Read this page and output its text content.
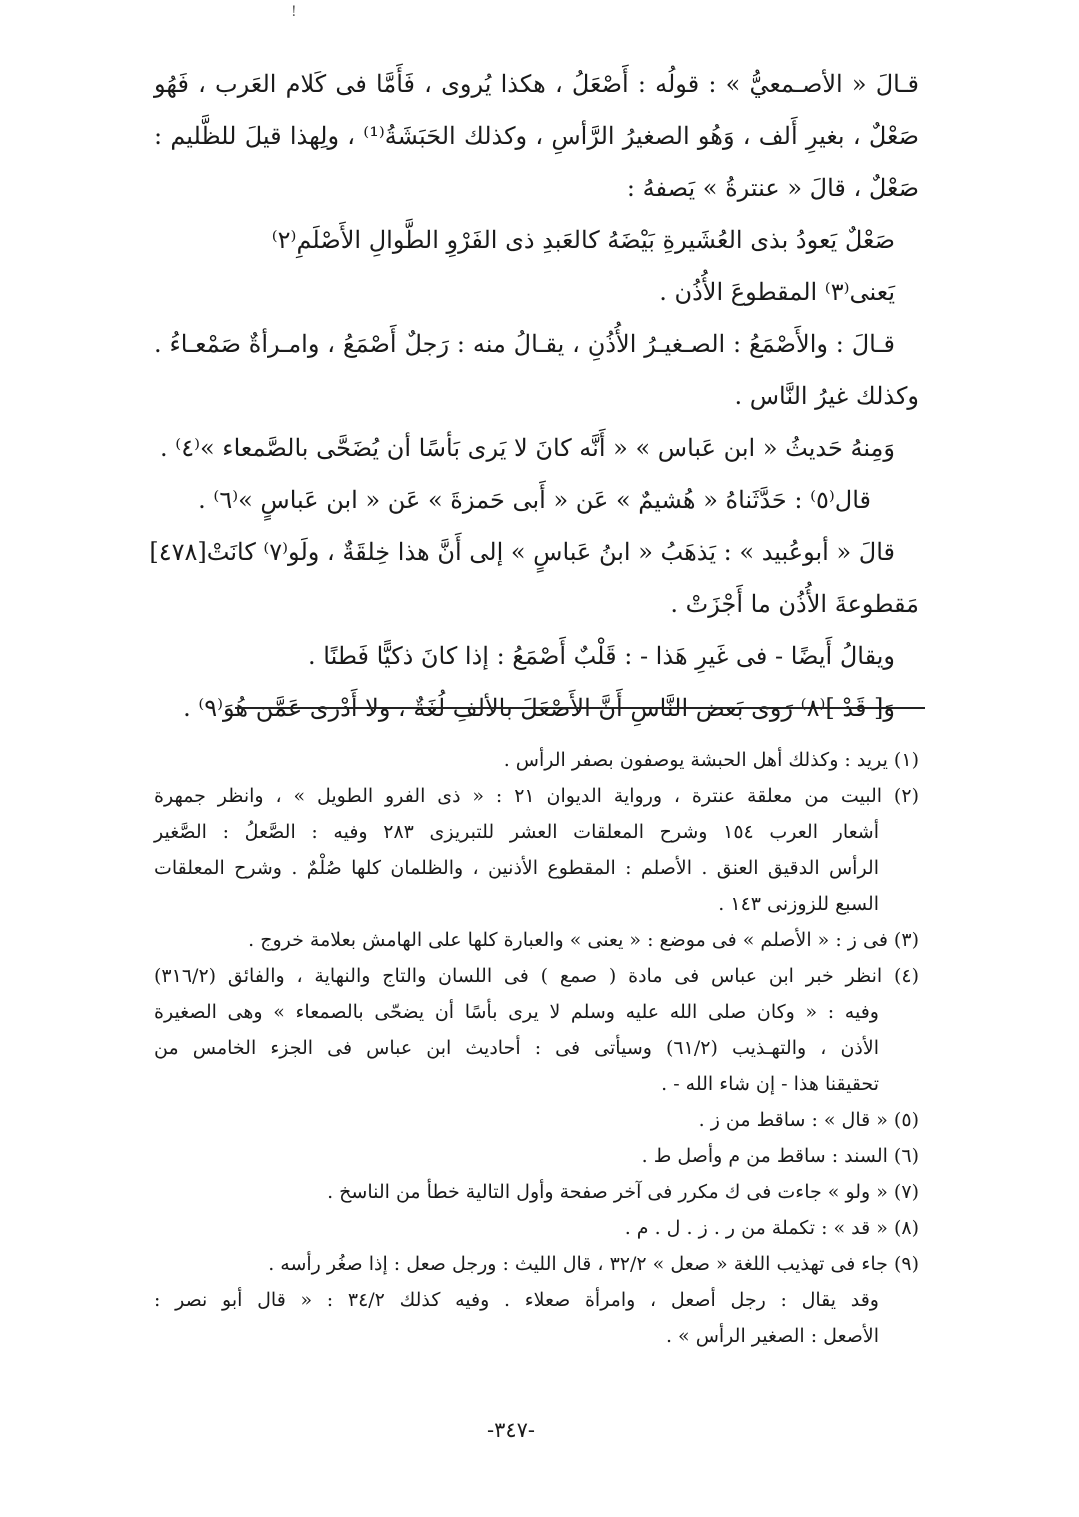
!
قـالَ « الأصـمعيُّ » : قولُه : أَصْعَلُ ، هكذا يُروى ، فَأَمَّا فى كَلام العَرب ، فَهُو
صَعْلٌ ، بغيرِ أَلف ، وَهُو الصغيرُ الرَّأسِ ، وكذلك الحَبَشَةُ⁽¹⁾ ، ولِهذا قيلَ للظَّليم :
صَعْلٌ ، قالَ « عنترةُ » يَصفهُ :
صَعْلٌ يَعودُ بذى العُشَيرةِ بَيْضَهُ كالعَبدِ ذى الفَرْوِ الطَّوالِ الأَصْلَمِ⁽٢⁾
يَعنى⁽٣⁾ المقطوعَ الأُذُن .
قـالَ : والأَصْمَعُ : الصـغيـرُ الأُذُنِ ، يقـالُ منه : رَجلٌ أَصْمَعُ ، وامـرأةٌ صَمْعـاءُ .
وكذلك غيرُ النَّاس .
وَمِنهُ حَديثُ « ابن عَباس » « أَنَّه كانَ لا يَرى بَأسًا أن يُضَحَّى بالصَّمعاء »⁽٤⁾ .
قال⁽٥⁾ : حَدَّثَناهُ « هُشيمٌ » عَن « أَبى حَمزةَ » عَن « ابن عَباسٍ »⁽٦⁾ .
قالَ « أبوعُبيد » : يَذهَبُ « ابنُ عَباسٍ » إلى أَنَّ هذا خِلقَةٌ ، ولَو⁽٧⁾ كانَتْ[٤٧٨]
مَقطوعةَ الأُذُن ما أَجْزَتْ .
ويقالُ أَيضًا - فى غَيرِ هَذا - : قَلْبٌ أَصْمَعُ : إذا كانَ ذكيًّا فَطنًا .
وَ[ قَدْ ]⁽٨⁾ رَوى بَعض النَّاسِ أَنَّ الأَصْعَلَ بالألفِ لُغَةٌ ، ولا أَدْرى عَمَّن هُوَ⁽٩⁾ .
(١) يريد : وكذلك أهل الحبشة يوصفون بصفر الرأس .
(٢) البيت من معلقة عنترة ، ورواية الديوان ٢١ : « ذى الفرو الطويل » ، وانظر جمهرة
أشعار العرب ١٥٤ وشرح المعلقات العشر للتبريزى ٢٨٣ وفيه : الصَّعلُ : الصَّغير
الرأس الدقيق العنق . الأصلم : المقطوع الأذنين ، والظلمان كلها صُلْمٌ . وشرح المعلقات
السبع للزوزنى ١٤٣ .
(٣) فى ز : « الأصلم » فى موضع : « يعنى » والعبارة كلها على الهامش بعلامة خروج .
(٤) انظر خبر ابن عباس فى مادة ( صمع ) فى اللسان والتاج والنهاية ، والفائق (٣١٦/٢)
وفيه : « وكان صلى الله عليه وسلم لا يرى بأسًا أن يضحّى بالصمعاء » وهى الصغيرة
الأذن ، والتهـذيب (٦١/٢) وسيأتى فى : أحاديث ابن عباس فى الجزء الخامس من
تحقيقنا هذا - إن شاء الله - .
(٥) « قال » : ساقط من ز .
(٦) السند : ساقط من م وأصل ط .
(٧) « ولو » جاءت فى ك مكرر فى آخر صفحة وأول التالية خطأ من الناسخ .
(٨) « قد » : تكملة من ر . ز . ل . م .
(٩) جاء فى تهذيب اللغة « صعل » ٣٢/٢ ، قال الليث : ورجل صعل : إذا صغُر رأسه .
وقد يقال : رجل أصعل ، وامرأة صعلاء . وفيه كذلك ٣٤/٢ : « قال أبو نصر :
الأصعل : الصغير الرأس » .
-٣٤٧-
